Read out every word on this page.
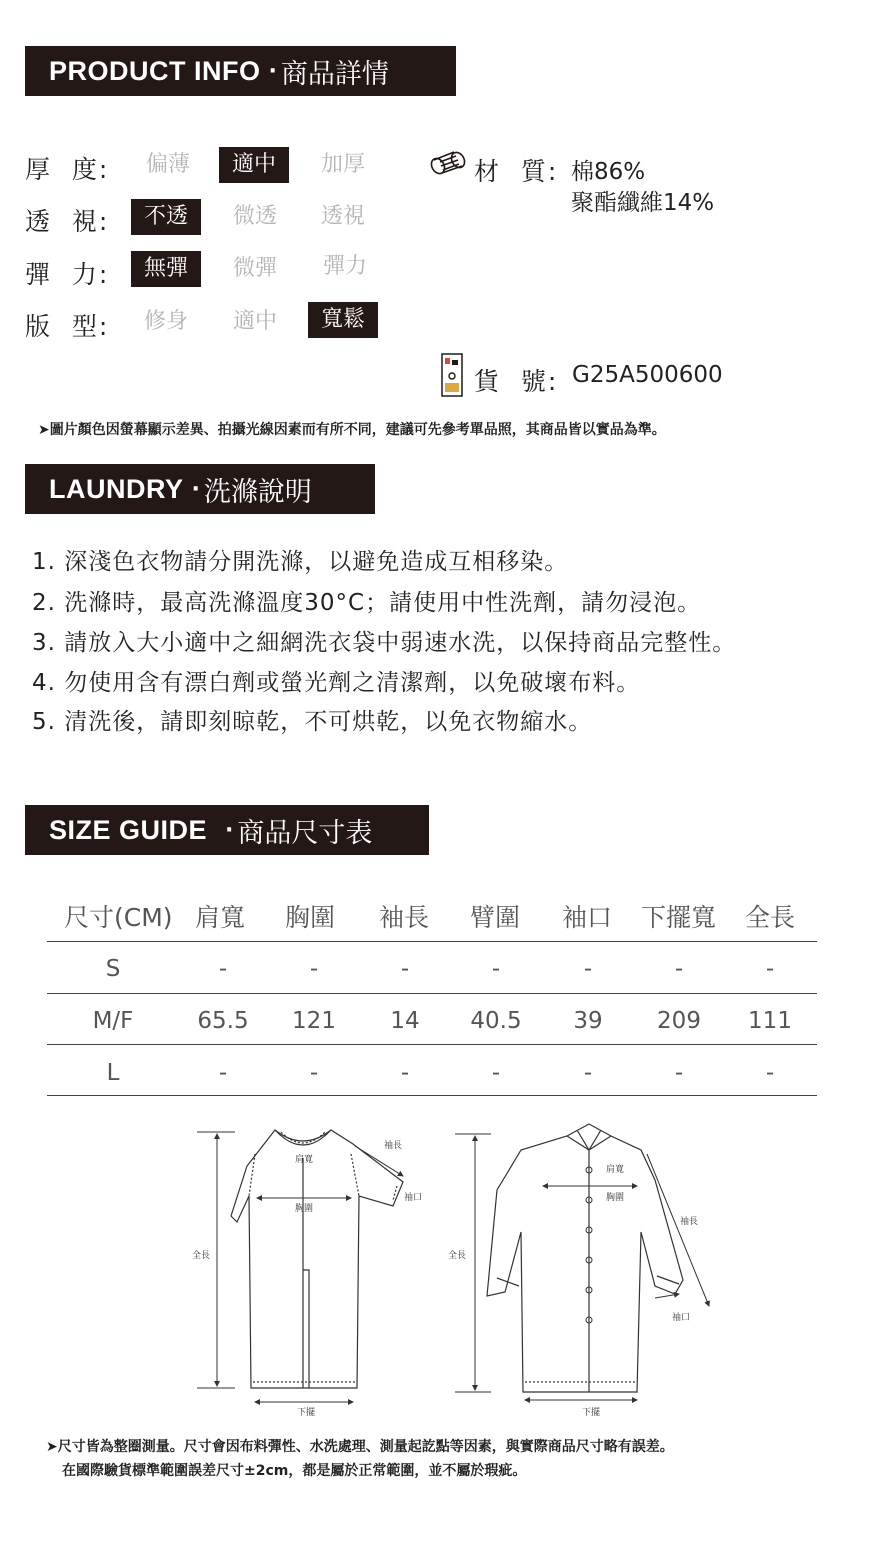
PRODUCT INFO · 商品詳情
厚  度:	偏薄	適中	加厚
透  視:	不透	微透	透視
彈  力:	無彈	微彈	彈力
版  型:	修身	適中	寬鬆
材  質: 棉86%
聚酯纖維14%
貨  號: G25A500600
➤圖片顏色因螢幕顯示差異、拍攝光線因素而有所不同，建議可先參考單品照，其商品皆以實品為準。
LAUNDRY · 洗滌說明
1. 深淺色衣物請分開洗滌，以避免造成互相移染。
2. 洗滌時，最高洗滌溫度30°C；請使用中性洗劑，請勿浸泡。
3. 請放入大小適中之細網洗衣袋中弱速水洗，以保持商品完整性。
4. 勿使用含有漂白劑或螢光劑之清潔劑，以免破壞布料。
5. 清洗後，請即刻晾乾，不可烘乾，以免衣物縮水。
SIZE GUIDE · 商品尺寸表
尺寸(CM) 肩寬 胸圍 袖長 臂圍 袖口 下擺寬 全長
S	-	-	-	-	-	-	-
M/F	65.5	121	14	40.5	39	209	111
L	-	-	-	-	-	-	-
袖長
肩寬
袖口
胸圍
全長
下擺
肩寬
胸圍
袖長
全長
袖口
下擺
➤尺寸皆為整圈測量。尺寸會因布料彈性、水洗處理、測量起訖點等因素，與實際商品尺寸略有誤差。
在國際驗貨標準範圍誤差尺寸±2cm，都是屬於正常範圍，並不屬於瑕疵。
